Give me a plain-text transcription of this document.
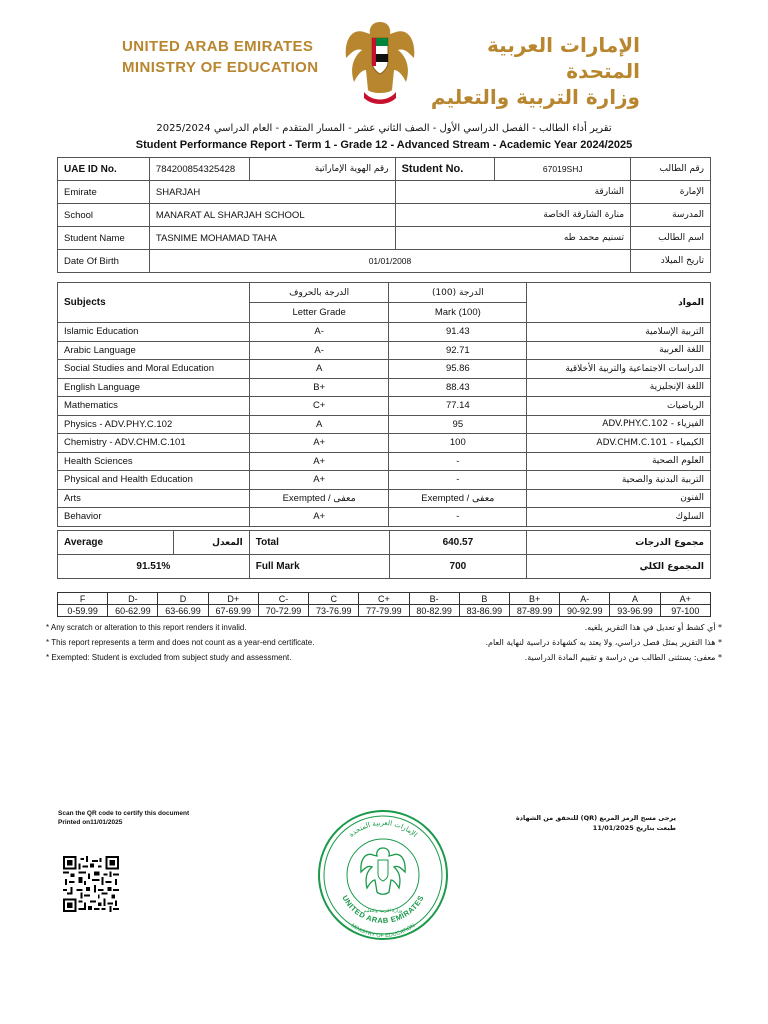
UNITED ARAB EMIRATES
MINISTRY OF EDUCATION
الإمارات العربية المتحدة
وزارة التربية والتعليم
تقرير أداء الطالب - الفصل الدراسي الأول - الصف الثاني عشر - المسار المتقدم - العام الدراسي 2025/2024
Student Performance Report - Term 1 - Grade 12 - Advanced Stream - Academic Year 2024/2025
UAE ID No.	784200854325428	رقم الهوية الإماراتية	Student No.	67019SHJ	رقم الطالب
Emirate	SHARJAH		الشارقة		الإمارة
School	MANARAT AL SHARJAH SCHOOL		منارة الشارقة الخاصة		المدرسة
Student Name	TASNIME MOHAMAD TAHA		تسنيم محمد طه		اسم الطالب
Date Of Birth	01/01/2008				تاريخ الميلاد
Subjects	الدرجة بالحروف	الدرجة (100)	المواد
	Letter Grade	Mark (100)	
Islamic Education	A-	91.43	التربية الإسلامية
Arabic Language	A-	92.71	اللغة العربية
Social Studies and Moral Education	A	95.86	الدراسات الاجتماعية والتربية الأخلاقية
English Language	B+	88.43	اللغة الإنجليزية
Mathematics	C+	77.14	الرياضيات
Physics - ADV.PHY.C.102	A	95	الفيزياء - ADV.PHY.C.102
Chemistry - ADV.CHM.C.101	A+	100	الكيمياء - ADV.CHM.C.101
Health Sciences	A+	-	العلوم الصحية
Physical and Health Education	A+	-	التربية البدنية والصحية
Arts	Exempted / معفى	Exempted / معفى	الفنون
Behavior	A+	-	السلوك
Average	المعدل	Total	640.57	مجموع الدرجات
91.51%		Full Mark	700	المجموع الكلي
F	D-	D	D+	C-	C	C+	B-	B	B+	A-	A	A+
0-59.99	60-62.99	63-66.99	67-69.99	70-72.99	73-76.99	77-79.99	80-82.99	83-86.99	87-89.99	90-92.99	93-96.99	97-100
* Any scratch or alteration to this report renders it invalid.
* This report represents a term and does not count as a year-end certificate.
* Exempted: Student is excluded from subject study and assessment.
* أي كشط أو تعديل في هذا التقرير يلغيه.
* هذا التقرير يمثل فصل دراسي، ولا يعتد به كشهادة دراسية لنهاية العام.
* معفى: يستثنى الطالب من دراسة و تقييم المادة الدراسية.
Scan the QR code to certify this document
Printed on11/01/2025
يرجى مسح الرمز المربع (QR) للتحقق من الشهادة
طبعت بتاريخ 11/01/2025
UNITED ARAB EMIRATES
MINISTRY OF EDUCATION
الإمارات العربية المتحدة
وزارة التربية والتعليم
